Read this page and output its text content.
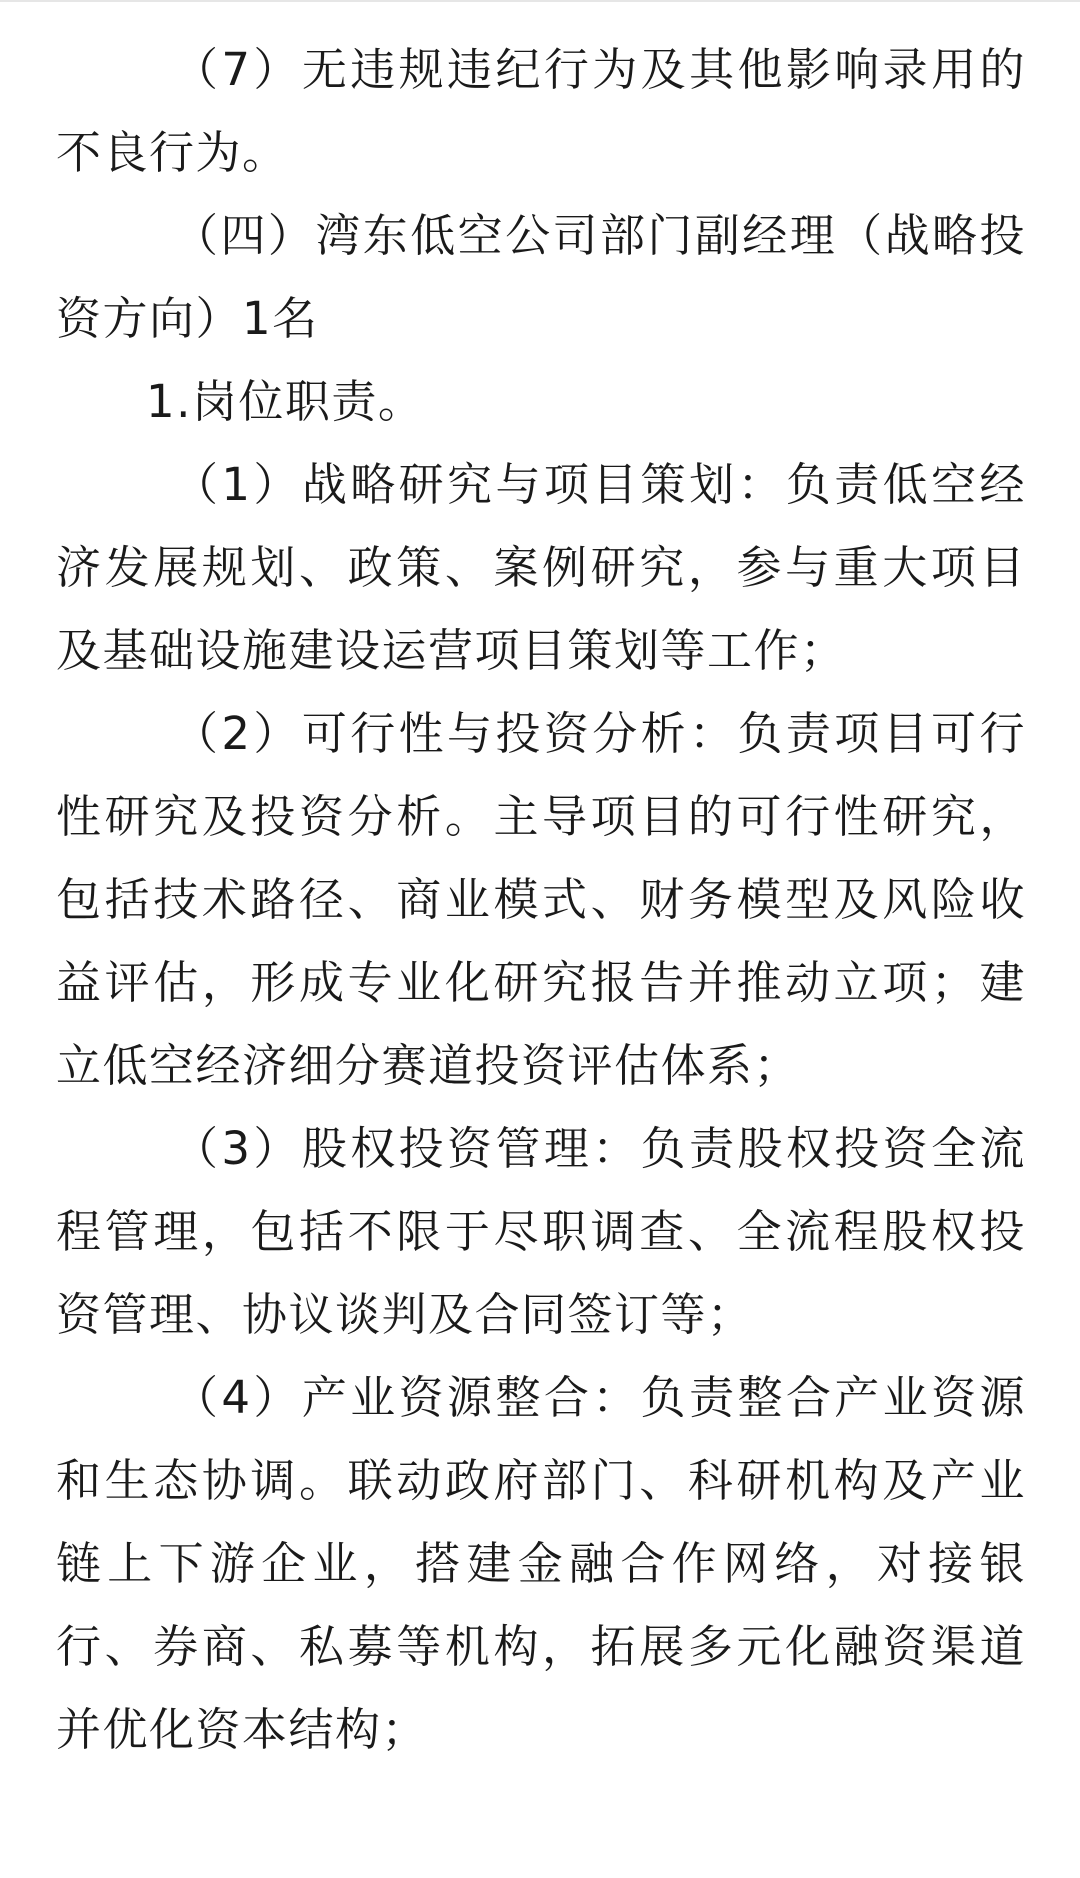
（7）无违规违纪行为及其他影响录用的不良行为。

（四）湾东低空公司部门副经理（战略投资方向）1名

1.岗位职责。

（1）战略研究与项目策划：负责低空经济发展规划、政策、案例研究，参与重大项目及基础设施建设运营项目策划等工作；

（2）可行性与投资分析：负责项目可行性研究及投资分析。主导项目的可行性研究，包括技术路径、商业模式、财务模型及风险收益评估，形成专业化研究报告并推动立项；建立低空经济细分赛道投资评估体系；

（3）股权投资管理：负责股权投资全流程管理，包括不限于尽职调查、全流程股权投资管理、协议谈判及合同签订等；

（4）产业资源整合：负责整合产业资源和生态协调。联动政府部门、科研机构及产业链上下游企业，搭建金融合作网络，对接银行、券商、私募等机构，拓展多元化融资渠道并优化资本结构；
